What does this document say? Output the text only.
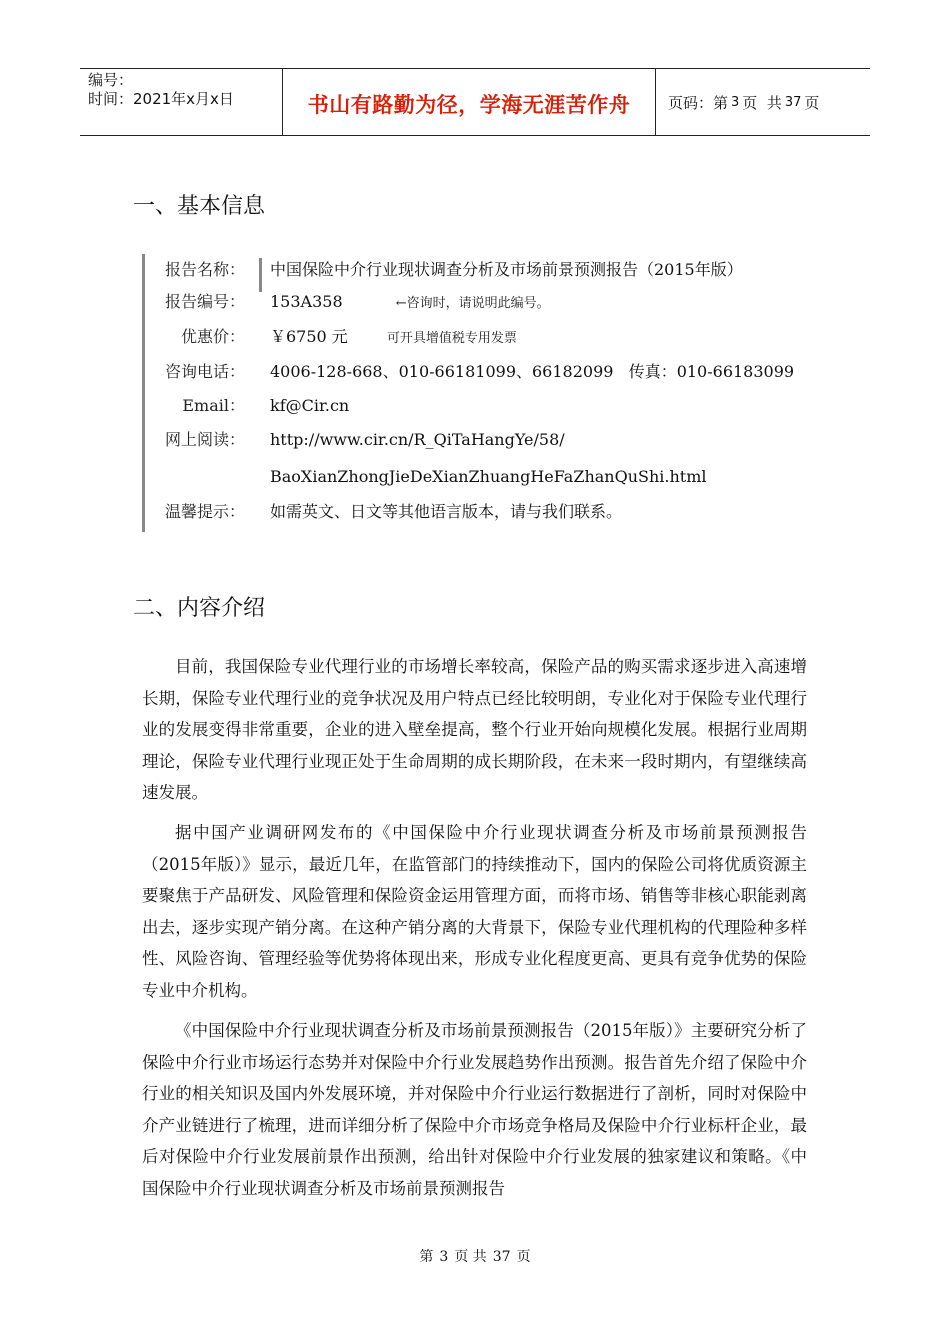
编号：
时间：2021年x月x日	书山有路勤为径，学海无涯苦作舟	页码：第 3 页  共 37 页
一、基本信息
报告名称： 中国保险中介行业现状调查分析及市场前景预测报告（2015年版）
报告编号： 153A358	←咨询时，请说明此编号。
优惠价： ￥6750 元	可开具增值税专用发票
咨询电话： 4006-128-668、010-66181099、66182099   传真：010-66183099
Email： kf@Cir.cn
网上阅读： http://www.cir.cn/R_QiTaHangYe/58/
BaoXianZhongJieDeXianZhuangHeFaZhanQuShi.html
温馨提示： 如需英文、日文等其他语言版本，请与我们联系。
二、内容介绍
目前，我国保险专业代理行业的市场增长率较高，保险产品的购买需求逐步进入高速增长期，保险专业代理行业的竞争状况及用户特点已经比较明朗，专业化对于保险专业代理行业的发展变得非常重要，企业的进入壁垒提高，整个行业开始向规模化发展。根据行业周期理论，保险专业代理行业现正处于生命周期的成长期阶段，在未来一段时期内，有望继续高速发展。
据中国产业调研网发布的《中国保险中介行业现状调查分析及市场前景预测报告（2015年版）》显示，最近几年，在监管部门的持续推动下，国内的保险公司将优质资源主要聚焦于产品研发、风险管理和保险资金运用管理方面，而将市场、销售等非核心职能剥离出去，逐步实现产销分离。在这种产销分离的大背景下，保险专业代理机构的代理险种多样性、风险咨询、管理经验等优势将体现出来，形成专业化程度更高、更具有竞争优势的保险专业中介机构。
《中国保险中介行业现状调查分析及市场前景预测报告（2015年版）》主要研究分析了保险中介行业市场运行态势并对保险中介行业发展趋势作出预测。报告首先介绍了保险中介行业的相关知识及国内外发展环境，并对保险中介行业运行数据进行了剖析，同时对保险中介产业链进行了梳理，进而详细分析了保险中介市场竞争格局及保险中介行业标杆企业，最后对保险中介行业发展前景作出预测，给出针对保险中介行业发展的独家建议和策略。《中国保险中介行业现状调查分析及市场前景预测报告
第 3 页 共 37 页
